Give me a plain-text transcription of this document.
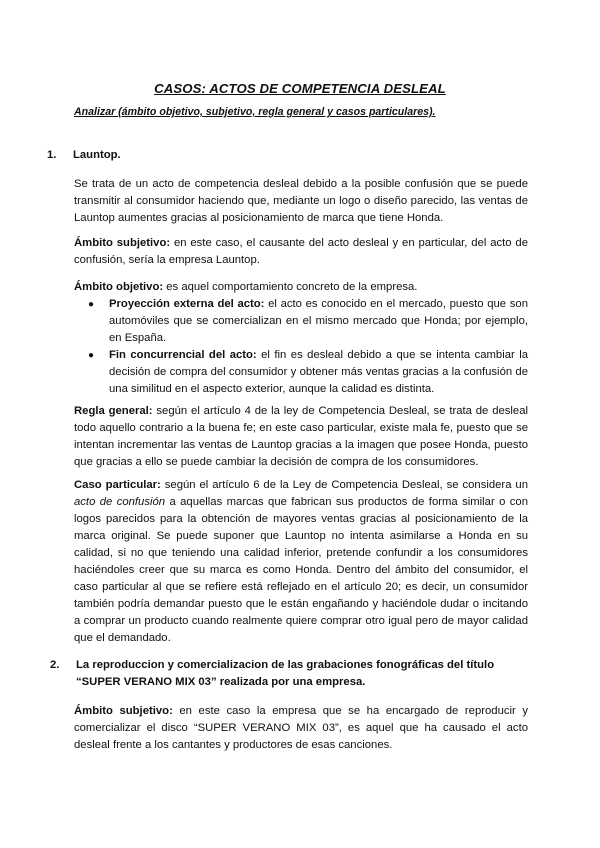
CASOS: ACTOS DE COMPETENCIA DESLEAL
Analizar (ámbito objetivo, subjetivo, regla general y casos particulares).
1. Launtop.
Se trata de un acto de competencia desleal debido a la posible confusión que se puede transmitir al consumidor haciendo que, mediante un logo o diseño parecido, las ventas de Launtop aumentes gracias al posicionamiento de marca que tiene Honda.
Ámbito subjetivo: en este caso, el causante del acto desleal y en particular, del acto de confusión, sería la empresa Launtop.
Ámbito objetivo: es aquel comportamiento concreto de la empresa.
● Proyección externa del acto: el acto es conocido en el mercado, puesto que son automóviles que se comercializan en el mismo mercado que Honda; por ejemplo, en España.
● Fin concurrencial del acto: el fin es desleal debido a que se intenta cambiar la decisión de compra del consumidor y obtener más ventas gracias a la confusión de una similitud en el aspecto exterior, aunque la calidad es distinta.
Regla general: según el artículo 4 de la ley de Competencia Desleal, se trata de desleal todo aquello contrario a la buena fe; en este caso particular, existe mala fe, puesto que se intentan incrementar las ventas de Launtop gracias a la imagen que posee Honda, puesto que gracias a ello se puede cambiar la decisión de compra de los consumidores.
Caso particular: según el artículo 6 de la Ley de Competencia Desleal, se considera un acto de confusión a aquellas marcas que fabrican sus productos de forma similar o con logos parecidos para la obtención de mayores ventas gracias al posicionamiento de la marca original. Se puede suponer que Launtop no intenta asimilarse a Honda en su calidad, si no que teniendo una calidad inferior, pretende confundir a los consumidores haciéndoles creer que su marca es como Honda. Dentro del ámbito del consumidor, el caso particular al que se refiere está reflejado en el artículo 20; es decir, un consumidor también podría demandar puesto que le están engañando y haciéndole dudar o incitando a comprar un producto cuando realmente quiere comprar otro igual pero de mayor calidad que el demandado.
2. La reproduccion y comercializacion de las grabaciones fonográficas del título
“SUPER VERANO MIX 03” realizada por una empresa.
Ámbito subjetivo: en este caso la empresa que se ha encargado de reproducir y comercializar el disco “SUPER VERANO MIX 03”, es aquel que ha causado el acto desleal frente a los cantantes y productores de esas canciones.
